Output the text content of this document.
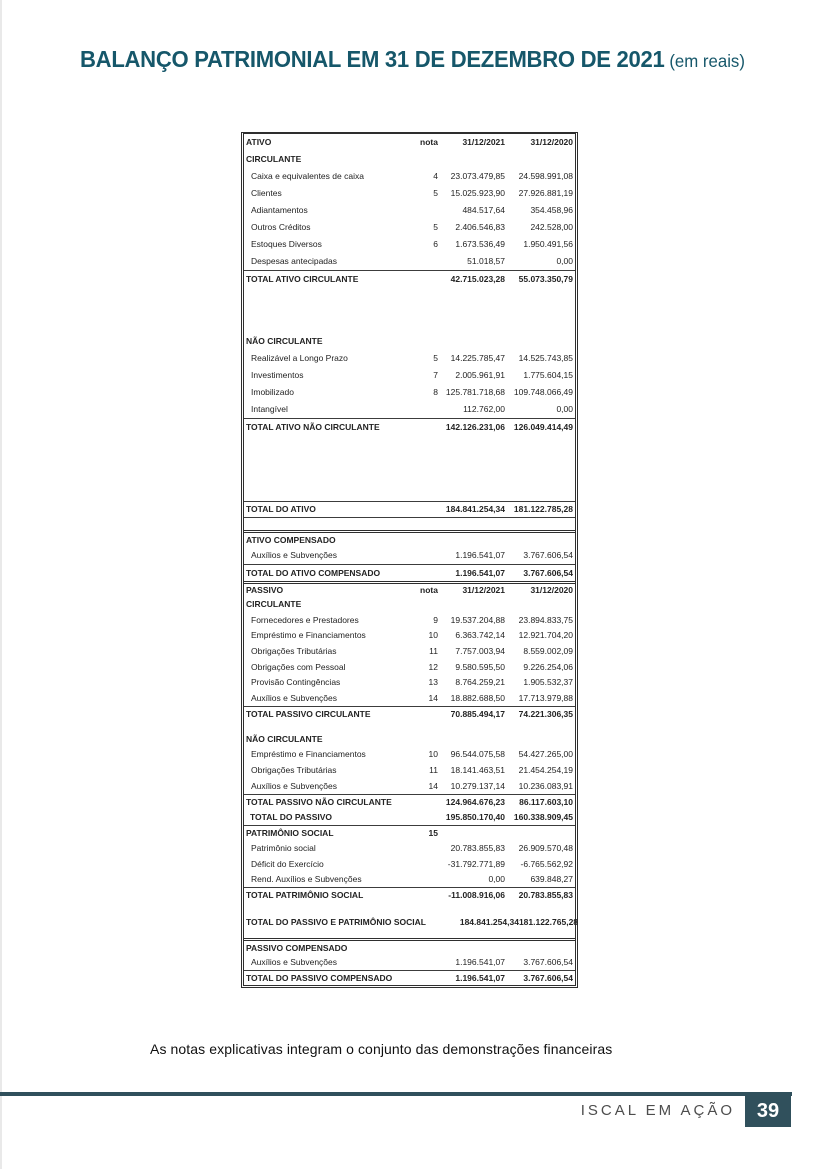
BALANÇO PATRIMONIAL EM 31 DE DEZEMBRO DE 2021 (em reais)
ATIVO	nota	31/12/2021	31/12/2020
CIRCULANTE
Caixa e equivalentes de caixa	4	23.073.479,85	24.598.991,08
Clientes	5	15.025.923,90	27.926.881,19
Adiantamentos	484.517,64	354.458,96
Outros Créditos	5	2.406.546,83	242.528,00
Estoques Diversos	6	1.673.536,49	1.950.491,56
Despesas antecipadas	51.018,57	0,00
TOTAL ATIVO CIRCULANTE	42.715.023,28	55.073.350,79
NÃO CIRCULANTE
Realizável a Longo Prazo	5	14.225.785,47	14.525.743,85
Investimentos	7	2.005.961,91	1.775.604,15
Imobilizado	8 125.781.718,68	109.748.066,49
Intangível	112.762,00	0,00
TOTAL ATIVO NÃO CIRCULANTE	142.126.231,06	126.049.414,49
TOTAL DO ATIVO	184.841.254,34	181.122.785,28
ATIVO COMPENSADO
Auxílios e Subvenções	1.196.541,07	3.767.606,54
TOTAL DO ATIVO COMPENSADO	1.196.541,07	3.767.606,54
PASSIVO	nota	31/12/2021	31/12/2020
CIRCULANTE
Fornecedores e Prestadores	9	19.537.204,88	23.894.833,75
Empréstimo e Financiamentos	10	6.363.742,14	12.921.704,20
Obrigações Tributárias	11	7.757.003,94	8.559.002,09
Obrigações com Pessoal	12	9.580.595,50	9.226.254,06
Provisão Contingências	13	8.764.259,21	1.905.532,37
Auxílios e Subvenções	14	18.882.688,50	17.713.979,88
TOTAL PASSIVO CIRCULANTE	70.885.494,17	74.221.306,35
NÃO CIRCULANTE
Empréstimo e Financiamentos	10	96.544.075,58	54.427.265,00
Obrigações Tributárias	11	18.141.463,51	21.454.254,19
Auxílios e Subvenções	14	10.279.137,14	10.236.083,91
TOTAL PASSIVO NÃO CIRCULANTE	124.964.676,23	86.117.603,10
TOTAL DO PASSIVO	195.850.170,40	160.338.909,45
PATRIMÔNIO SOCIAL	15
Patrimônio social	20.783.855,83	26.909.570,48
Déficit do Exercício	-31.792.771,89	-6.765.562,92
Rend. Auxílios e Subvenções	0,00	639.848,27
TOTAL PATRIMÔNIO SOCIAL	-11.008.916,06	20.783.855,83
TOTAL DO PASSIVO E PATRIMÔNIO SOCIAL	184.841.254,34 181.122.765,28
PASSIVO COMPENSADO
Auxílios e Subvenções	1.196.541,07	3.767.606,54
TOTAL DO PASSIVO COMPENSADO	1.196.541,07	3.767.606,54

As notas explicativas integram o conjunto das demonstrações financeiras

ISCAL EM AÇÃO	39
